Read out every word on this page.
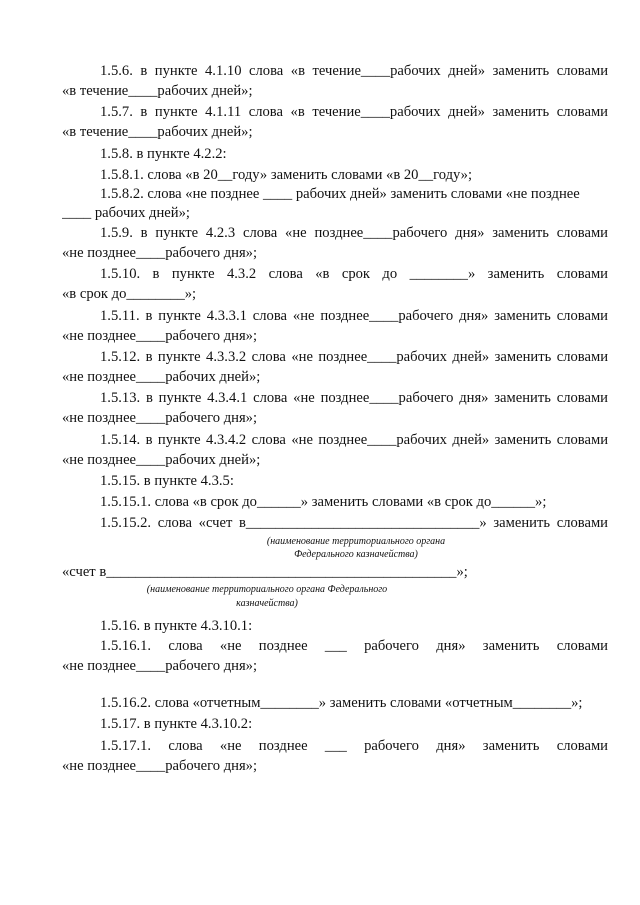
1.5.6. в пункте 4.1.10 слова «в течение____рабочих дней» заменить словами
«в течение____рабочих дней»;
1.5.7. в пункте 4.1.11 слова «в течение____рабочих дней» заменить словами
«в течение____рабочих дней»;
1.5.8. в пункте 4.2.2:
1.5.8.1. слова «в 20__году» заменить словами «в 20__году»;
1.5.8.2. слова «не позднее ____ рабочих дней» заменить словами «не позднее
____ рабочих дней»;
1.5.9. в пункте 4.2.3 слова «не позднее____рабочего дня» заменить словами
«не позднее____рабочего дня»;
1.5.10. в пункте 4.3.2 слова «в срок до ________» заменить словами
«в срок до________»;
1.5.11. в пункте 4.3.3.1 слова «не позднее____рабочего дня» заменить словами
«не позднее____рабочего дня»;
1.5.12. в пункте 4.3.3.2 слова «не позднее____рабочих дней» заменить словами
«не позднее____рабочих дней»;
1.5.13. в пункте 4.3.4.1 слова «не позднее____рабочего дня» заменить словами
«не позднее____рабочего дня»;
1.5.14. в пункте 4.3.4.2 слова «не позднее____рабочих дней» заменить словами
«не позднее____рабочих дней»;
1.5.15. в пункте 4.3.5:
1.5.15.1. слова «в срок до______» заменить словами «в срок до______»;
1.5.15.2. слова «счет в________________________________» заменить словами
(наименование территориального органа
Федерального казначейства)
«счет в________________________________________________»;
(наименование территориального органа Федерального
казначейства)
1.5.16. в пункте 4.3.10.1:
1.5.16.1. слова «не позднее ___ рабочего дня» заменить словами
«не позднее____рабочего дня»;
1.5.16.2. слова «отчетным________» заменить словами «отчетным________»;
1.5.17. в пункте 4.3.10.2:
1.5.17.1. слова «не позднее ___ рабочего дня» заменить словами
«не позднее____рабочего дня»;
